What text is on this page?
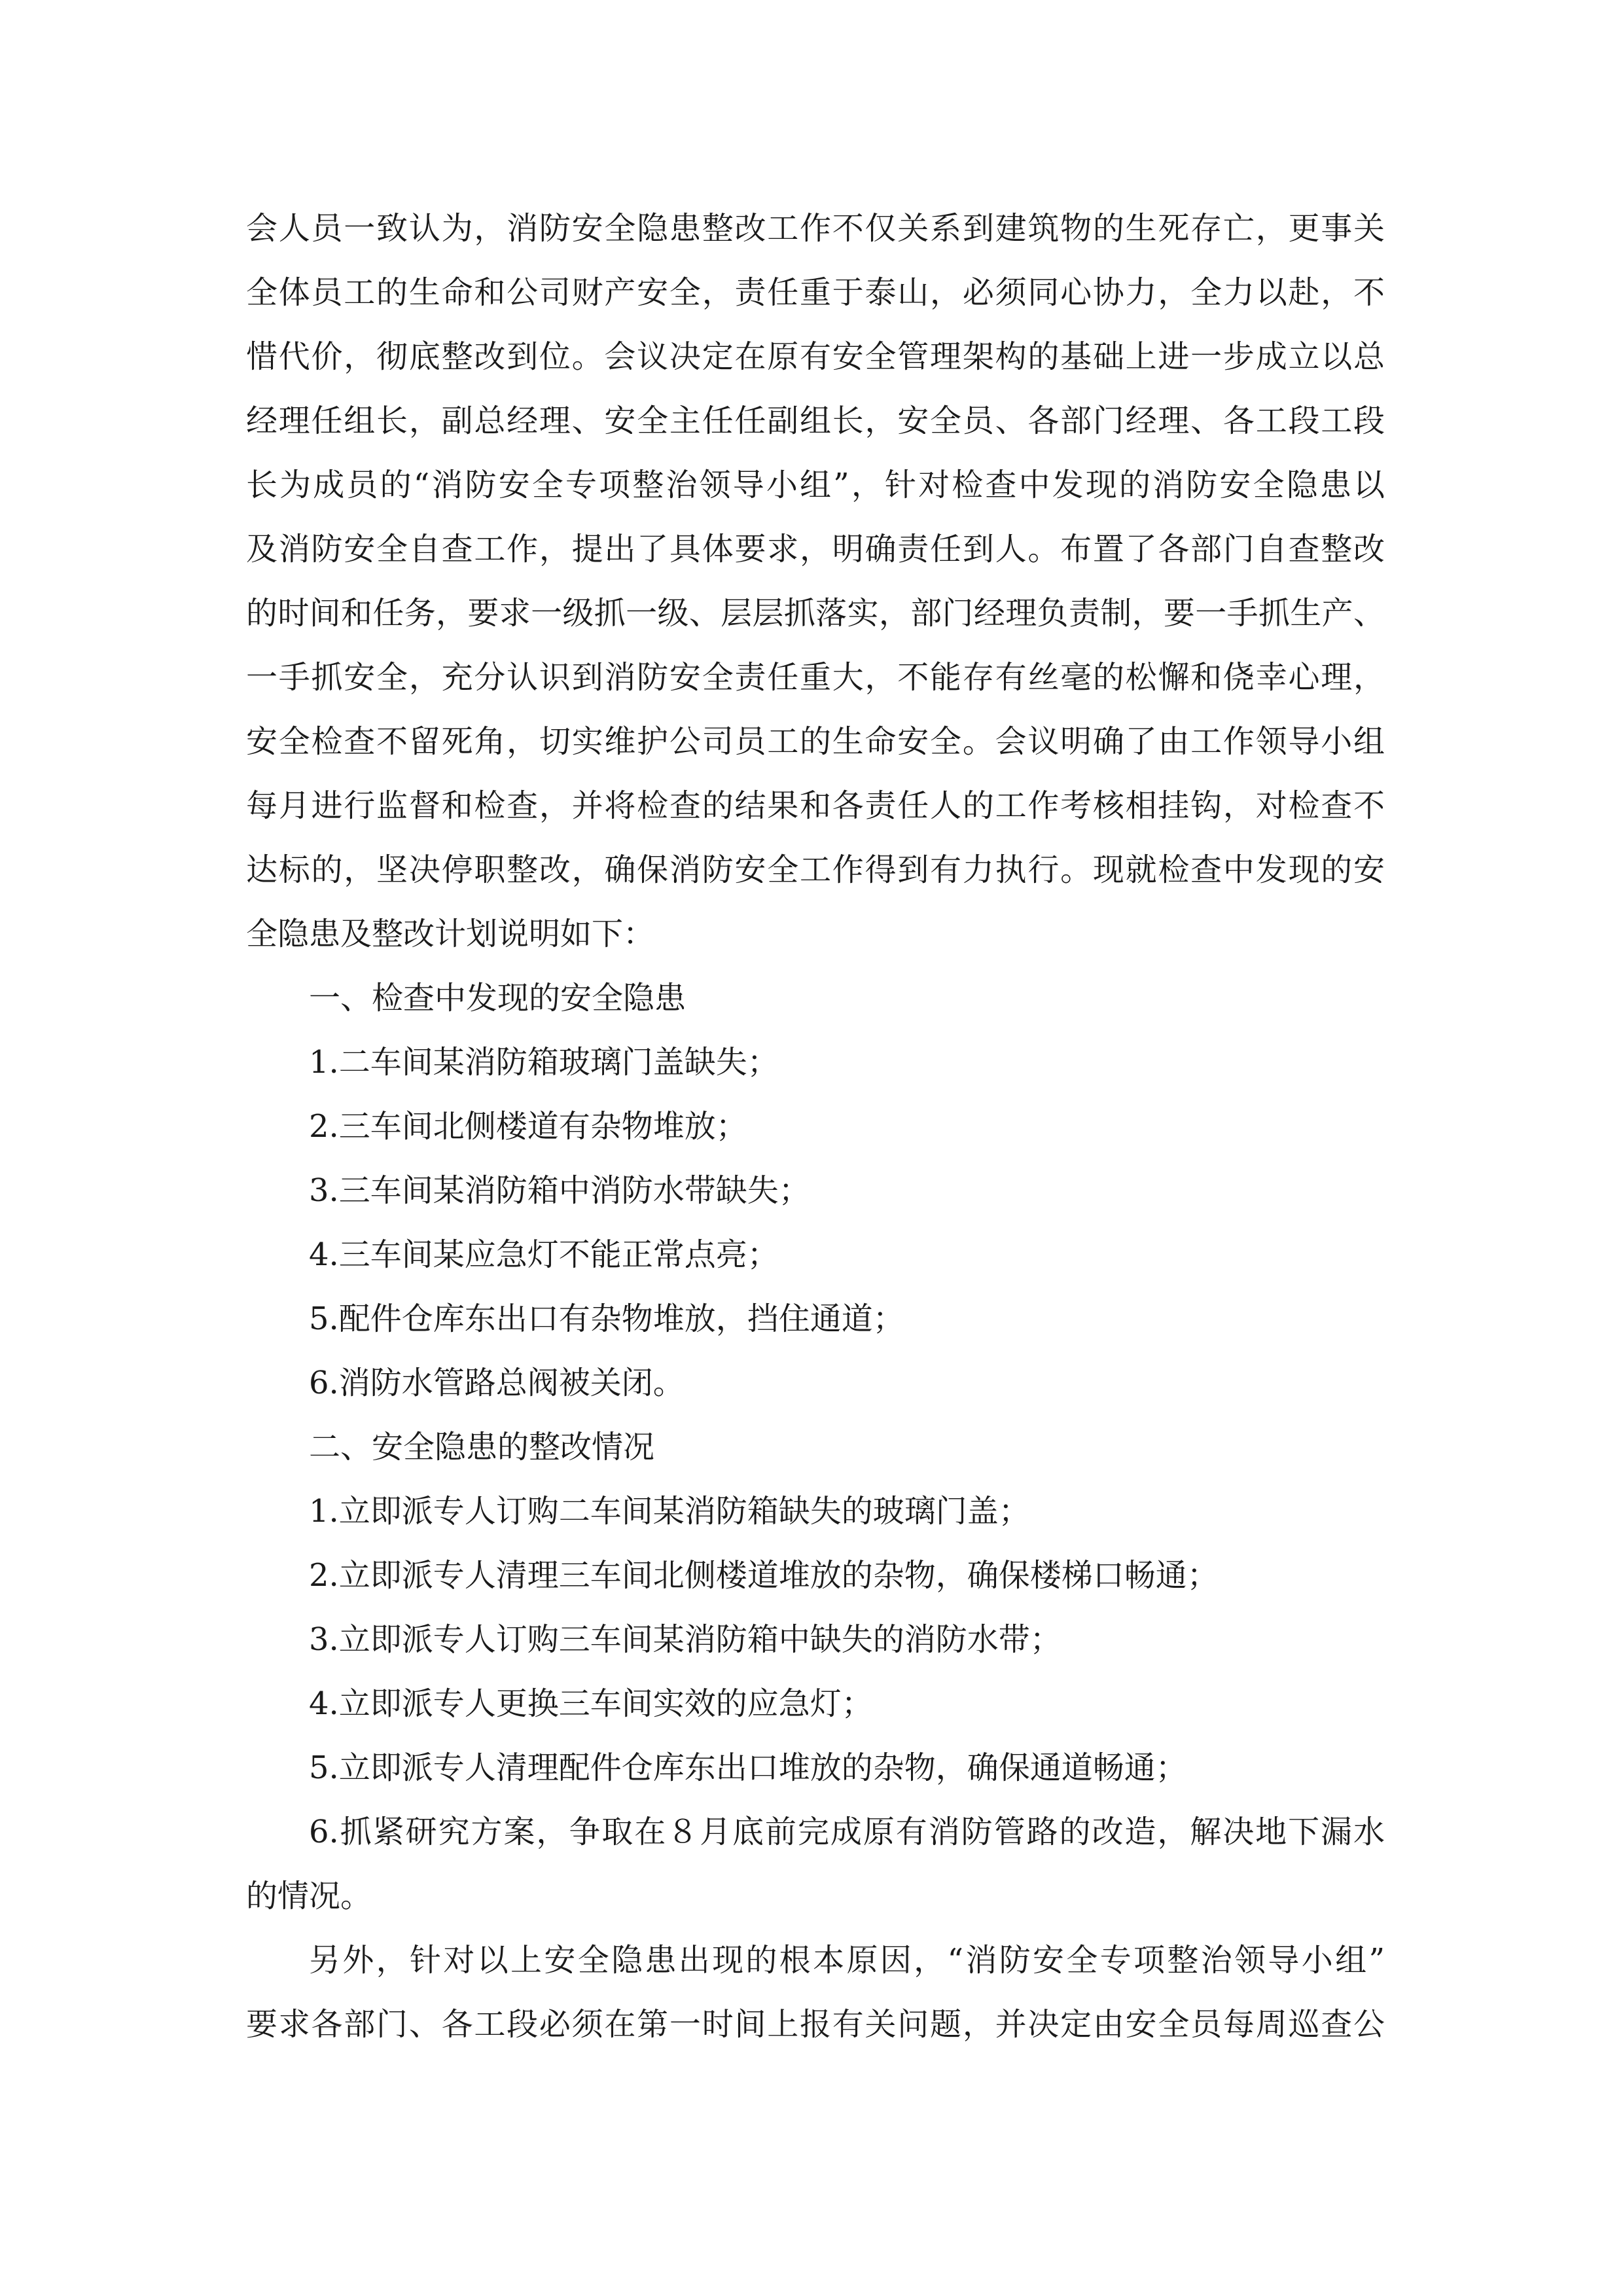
会人员一致认为，消防安全隐患整改工作不仅关系到建筑物的生死存亡，更事关
全体员工的生命和公司财产安全，责任重于泰山，必须同心协力，全力以赴，不
惜代价，彻底整改到位。会议决定在原有安全管理架构的基础上进一步成立以总
经理任组长，副总经理、安全主任任副组长，安全员、各部门经理、各工段工段
长为成员的“消防安全专项整治领导小组”，针对检查中发现的消防安全隐患以
及消防安全自查工作，提出了具体要求，明确责任到人。布置了各部门自查整改
的时间和任务，要求一级抓一级、层层抓落实，部门经理负责制，要一手抓生产、
一手抓安全，充分认识到消防安全责任重大，不能存有丝毫的松懈和侥幸心理，
安全检查不留死角，切实维护公司员工的生命安全。会议明确了由工作领导小组
每月进行监督和检查，并将检查的结果和各责任人的工作考核相挂钩，对检查不
达标的，坚决停职整改，确保消防安全工作得到有力执行。现就检查中发现的安
全隐患及整改计划说明如下：
一、检查中发现的安全隐患
1.二车间某消防箱玻璃门盖缺失；
2.三车间北侧楼道有杂物堆放；
3.三车间某消防箱中消防水带缺失；
4.三车间某应急灯不能正常点亮；
5.配件仓库东出口有杂物堆放，挡住通道；
6.消防水管路总阀被关闭。
二、安全隐患的整改情况
1.立即派专人订购二车间某消防箱缺失的玻璃门盖；
2.立即派专人清理三车间北侧楼道堆放的杂物，确保楼梯口畅通；
3.立即派专人订购三车间某消防箱中缺失的消防水带；
4.立即派专人更换三车间实效的应急灯；
5.立即派专人清理配件仓库东出口堆放的杂物，确保通道畅通；
6.抓紧研究方案，争取在８月底前完成原有消防管路的改造，解决地下漏水
的情况。
另外，针对以上安全隐患出现的根本原因，“消防安全专项整治领导小组”
要求各部门、各工段必须在第一时间上报有关问题，并决定由安全员每周巡查公
